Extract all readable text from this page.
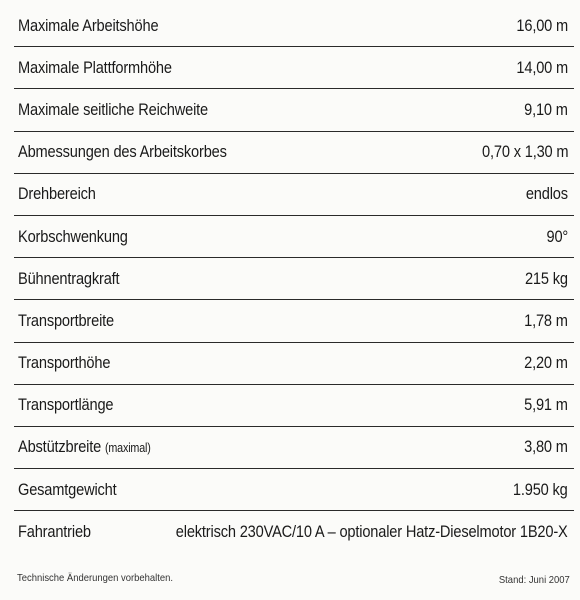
Maximale Arbeitshöhe	16,00 m
Maximale Plattformhöhe	14,00 m
Maximale seitliche Reichweite	9,10 m
Abmessungen des Arbeitskorbes	0,70 x 1,30 m
Drehbereich	endlos
Korbschwenkung	90°
Bühnentragkraft	215 kg
Transportbreite	1,78 m
Transporthöhe	2,20 m
Transportlänge	5,91 m
Abstützbreite (maximal)	3,80 m
Gesamtgewicht	1.950 kg
Fahrantrieb	elektrisch 230VAC/10 A – optionaler Hatz-Dieselmotor 1B20-X
Technische Änderungen vorbehalten.	Stand: Juni 2007
